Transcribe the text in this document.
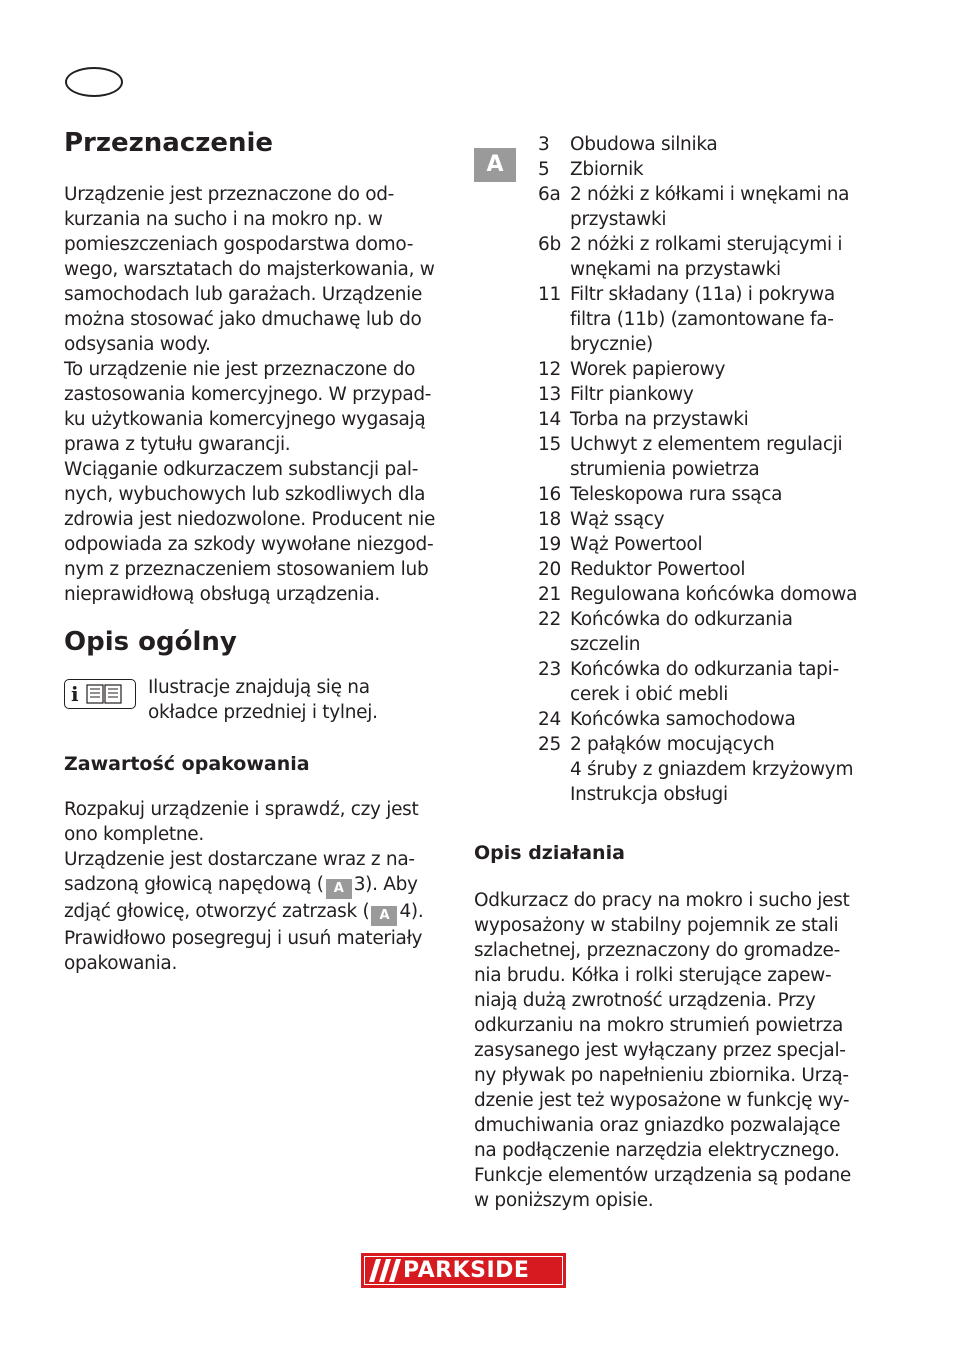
Przeznaczenie

Urządzenie jest przeznaczone do od-
kurzania na sucho i na mokro np. w
pomieszczeniach gospodarstwa domo-
wego, warsztatach do majsterkowania, w
samochodach lub garażach. Urządzenie
można stosować jako dmuchawę lub do
odsysania wody.
To urządzenie nie jest przeznaczone do
zastosowania komercyjnego. W przypad-
ku użytkowania komercyjnego wygasają
prawa z tytułu gwarancji.
Wciąganie odkurzaczem substancji pal-
nych, wybuchowych lub szkodliwych dla
zdrowia jest niedozwolone. Producent nie
odpowiada za szkody wywołane niezgod-
nym z przeznaczeniem stosowaniem lub
nieprawidłową obsługą urządzenia.

Opis ogólny
i	Ilustracje znajdują się na
okładce przedniej i tylnej.

Zawartość opakowania

Rozpakuj urządzenie i sprawdź, czy jest
ono kompletne.
Urządzenie jest dostarczane wraz z na-
sadzoną głowicą napędową ( A 3). Aby
zdjąć głowicę, otworzyć zatrzask ( A 4).
Prawidłowo posegreguj i usuń materiały
opakowania.

A
3	Obudowa silnika
5	Zbiornik
6a 2 nóżki z kółkami i wnękami na
przystawki
6b 2 nóżki z rolkami sterującymi i
wnękami na przystawki
11 Filtr składany (11a) i pokrywa
filtra (11b) (zamontowane fa-
brycznie)
12 Worek papierowy
13 Filtr piankowy
14 Torba na przystawki
15 Uchwyt z elementem regulacji
strumienia powietrza
16 Teleskopowa rura ssąca
18 Wąż ssący
19 Wąż Powertool
20 Reduktor Powertool
21 Regulowana końcówka domowa
22 Końcówka do odkurzania
szczelin
23 Końcówka do odkurzania tapi-
cerek i obić mebli
24 Końcówka samochodowa
25 2 pałąków mocujących
4 śruby z gniazdem krzyżowym
Instrukcja obsługi
Opis działania

Odkurzacz do pracy na mokro i sucho jest
wyposażony w stabilny pojemnik ze stali
szlachetnej, przeznaczony do gromadze-
nia brudu. Kółka i rolki sterujące zapew-
niają dużą zwrotność urządzenia. Przy
odkurzaniu na mokro strumień powietrza
zasysanego jest wyłączany przez specjal-
ny pływak po napełnieniu zbiornika. Urzą-
dzenie jest też wyposażone w funkcję wy-
dmuchiwania oraz gniazdko pozwalające
na podłączenie narzędzia elektrycznego.
Funkcje elementów urządzenia są podane
w poniższym opisie.

PARKSIDE
